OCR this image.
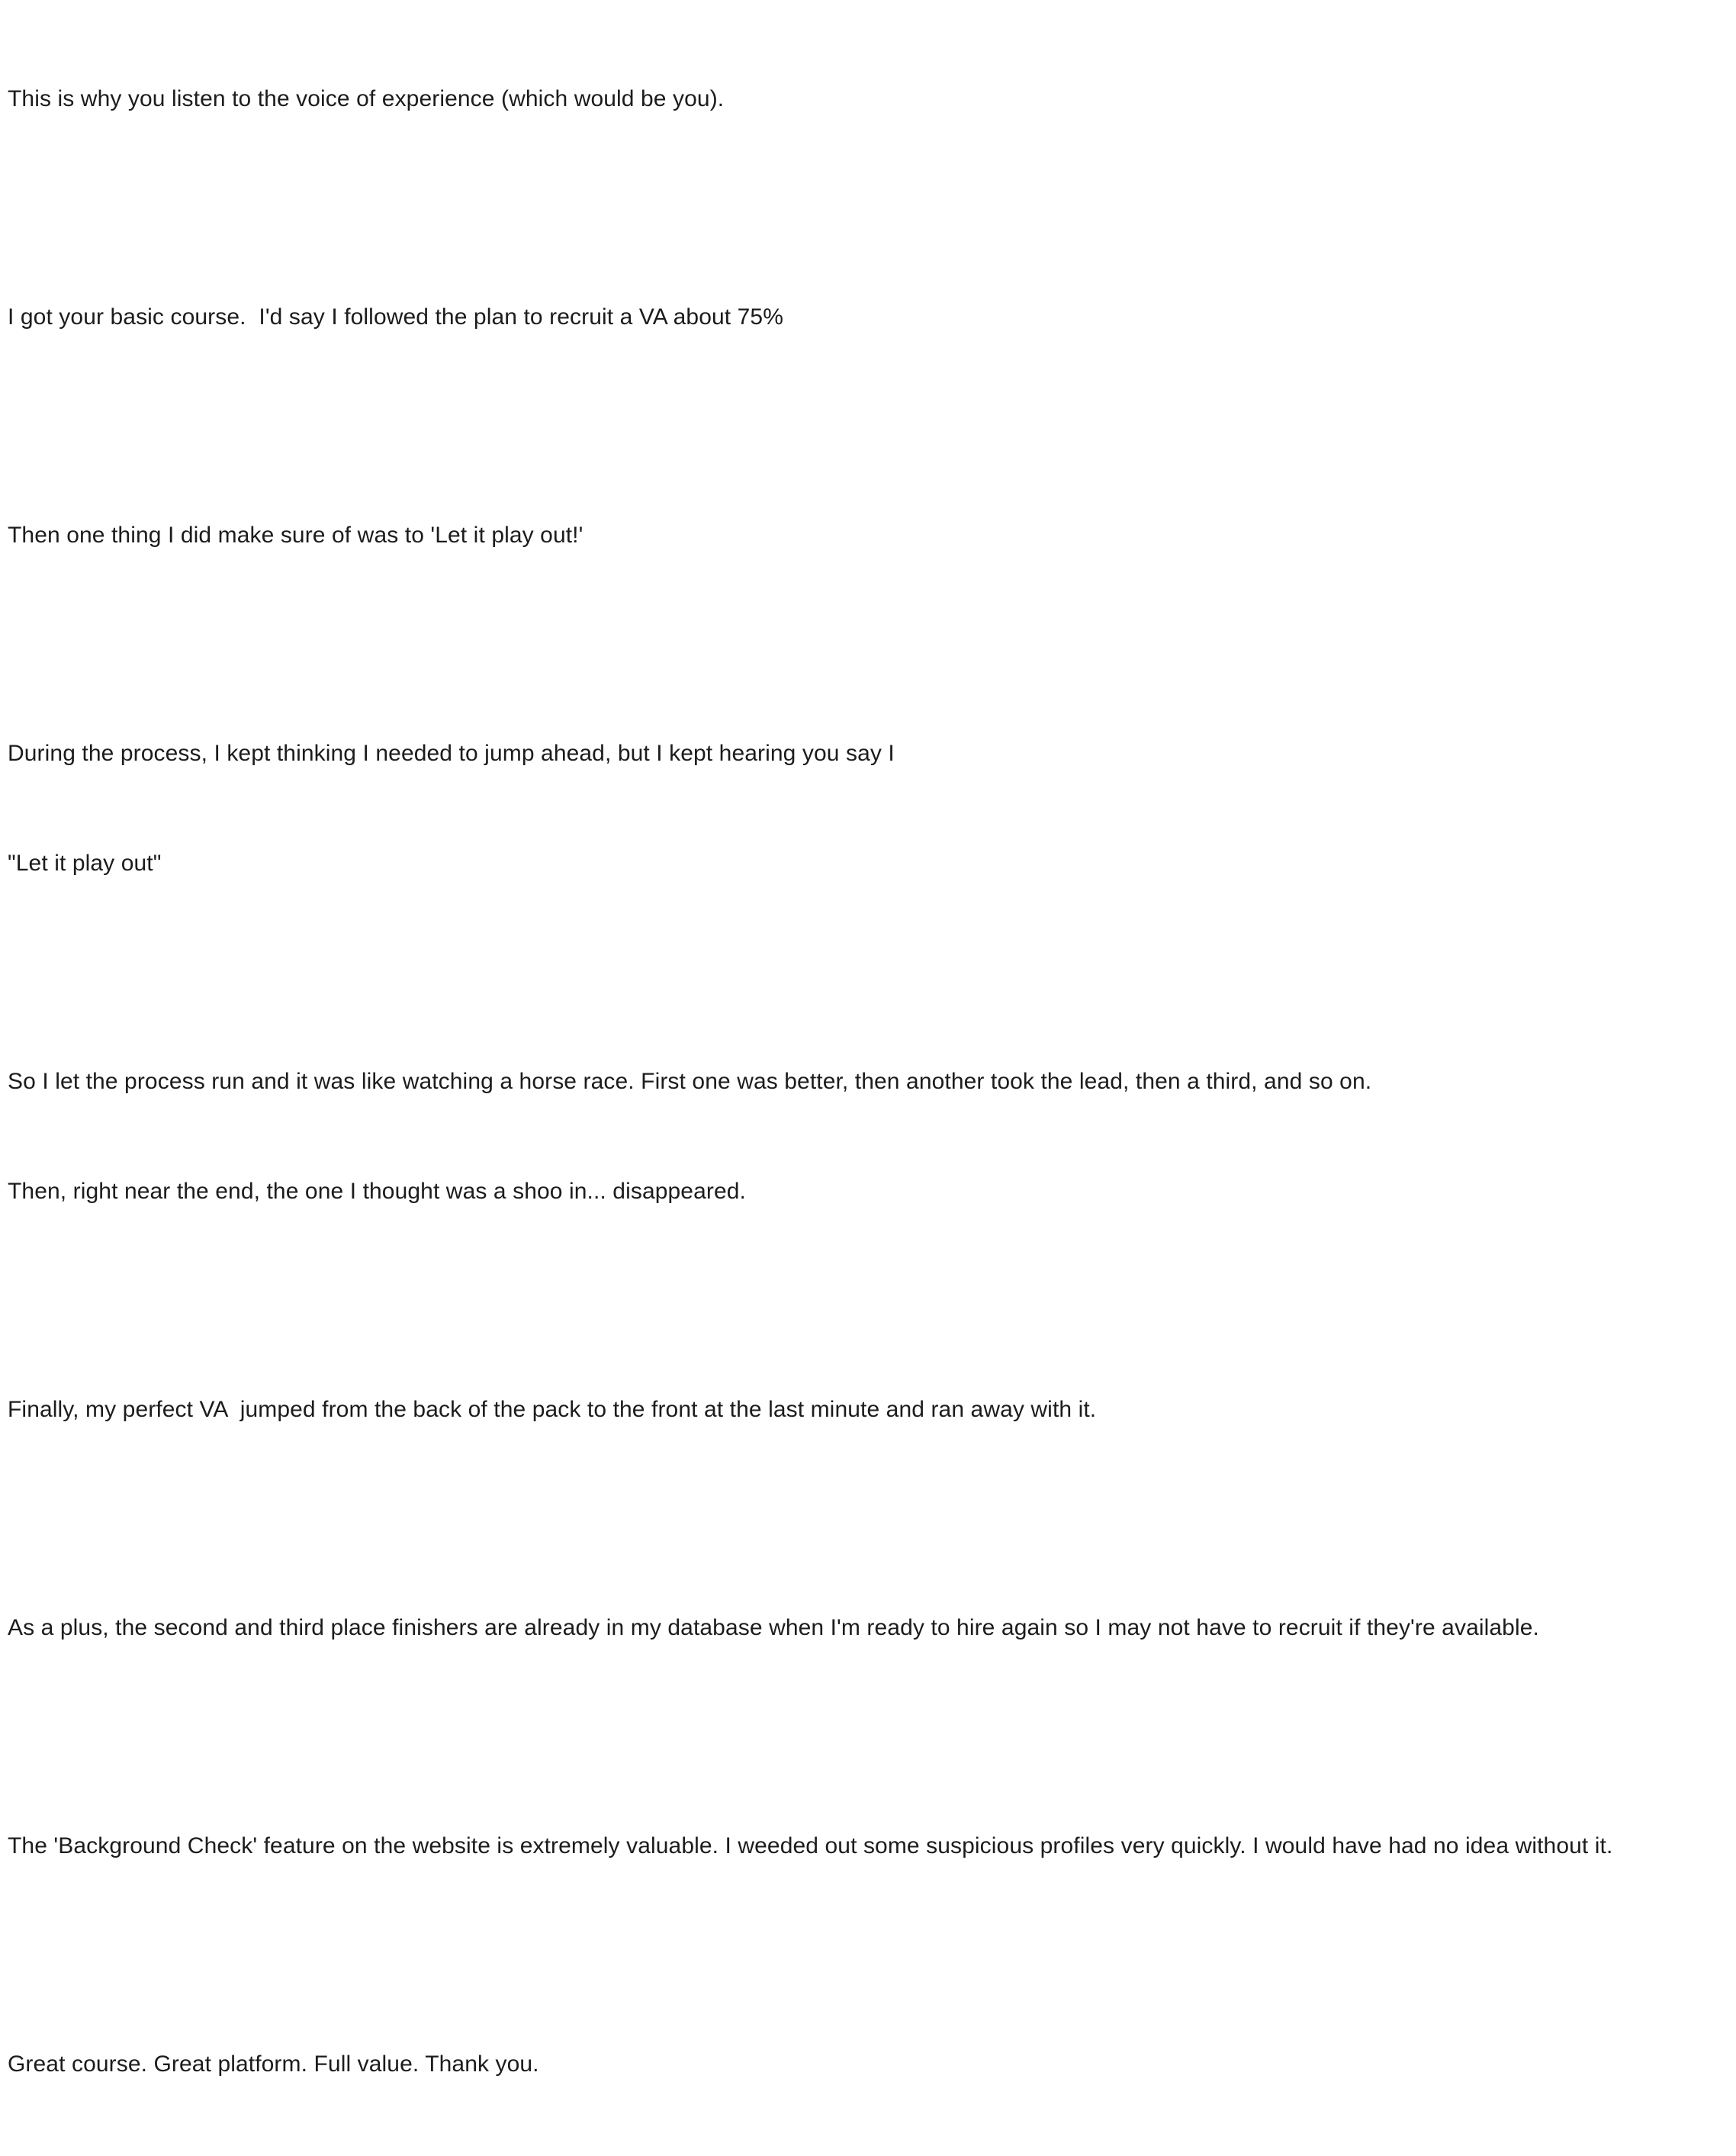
This is why you listen to the voice of experience (which would be you).

I got your basic course.  I'd say I followed the plan to recruit a VA about 75%

Then one thing I did make sure of was to 'Let it play out!'

During the process, I kept thinking I needed to jump ahead, but I kept hearing you say I

"Let it play out"

So I let the process run and it was like watching a horse race. First one was better, then another took the lead, then a third, and so on.

Then, right near the end, the one I thought was a shoo in... disappeared.

Finally, my perfect VA  jumped from the back of the pack to the front at the last minute and ran away with it.

As a plus, the second and third place finishers are already in my database when I'm ready to hire again so I may not have to recruit if they're available.

The 'Background Check' feature on the website is extremely valuable. I weeded out some suspicious profiles very quickly. I would have had no idea without it.

Great course. Great platform. Full value. Thank you.
